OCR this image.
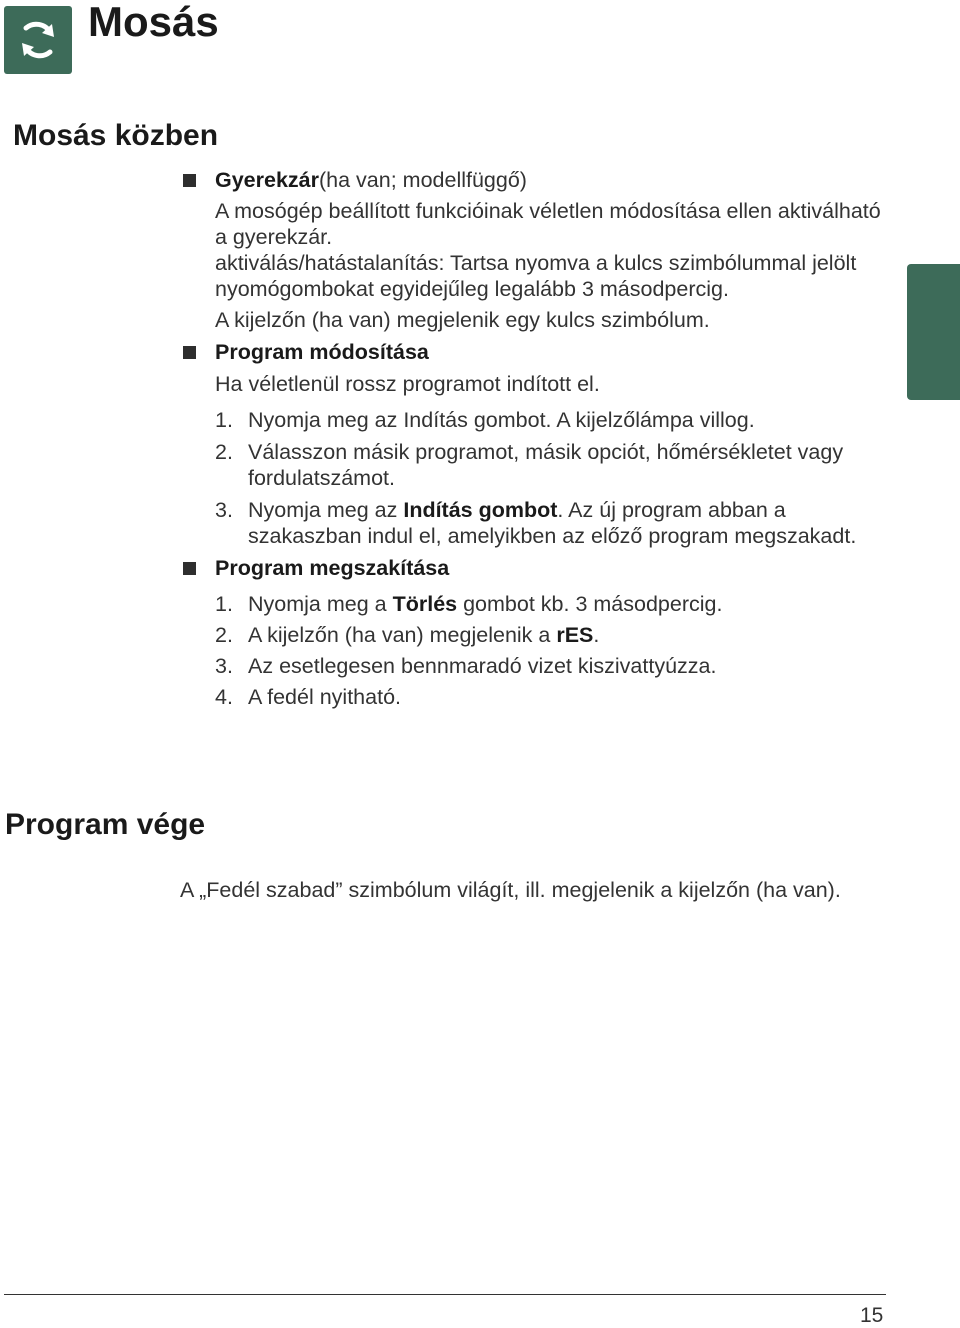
Mosás
Mosás közben

Gyerekzár(ha van; modellfüggő)

A mosógép beállított funkcióinak véletlen módosítása ellen aktiválható a gyerekzár.

aktiválás/hatástalanítás: Tartsa nyomva a kulcs szimbólummal jelölt nyomógombokat egyidejűleg legalább 3 másodpercig.

A kijelzőn (ha van) megjelenik egy kulcs szimbólum.

Program módosítása

Ha véletlenül rossz programot indított el.

1. Nyomja meg az Indítás gombot. A kijelzőlámpa villog.
2. Válasszon másik programot, másik opciót, hőmérsékletet vagy fordulatszámot.
3. Nyomja meg az Indítás gombot. Az új program abban a szakaszban indul el, amelyikben az előző program megszakadt.

Program megszakítása

1. Nyomja meg a Törlés gombot kb. 3 másodpercig.
2. A kijelzőn (ha van) megjelenik a rES.
3. Az esetlegesen bennmaradó vizet kiszivattyúzza.
4. A fedél nyitható.
Program vége

A „Fedél szabad” szimbólum világít, ill. megjelenik a kijelzőn (ha van).

15
